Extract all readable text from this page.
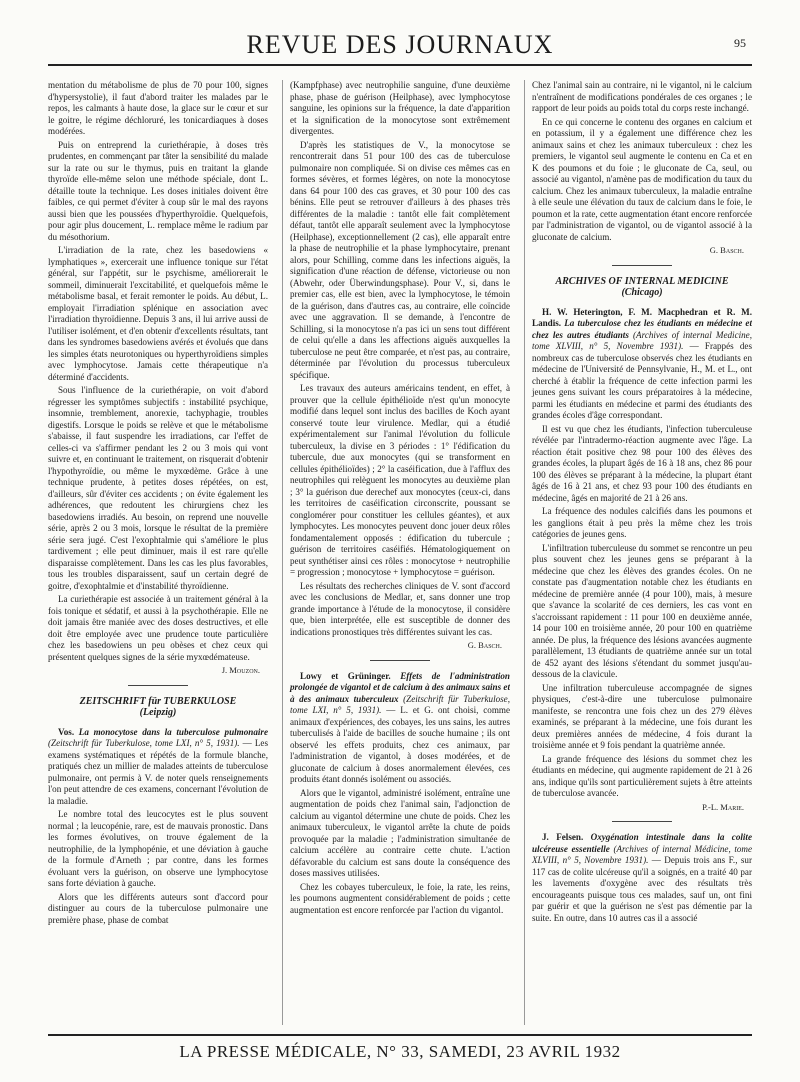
REVUE DES JOURNAUX	95

mentation du métabolisme de plus de 70 pour 100, signes d'hypersystolie), il faut d'abord traiter les malades par le repos, les calmants à haute dose, la glace sur le cœur et sur le goitre, le régime déchloruré, les tonicardiaques à doses modérées.

Puis on entreprend la curiethérapie, à doses très prudentes, en commençant par tâter la sensibilité du malade sur la rate ou sur le thymus, puis en traitant la glande thyroïde elle-même selon une méthode spéciale, dont L. détaille toute la technique. Les doses initiales doivent être faibles, ce qui permet d'éviter à coup sûr le mal des rayons aussi bien que les poussées d'hyperthyroïdie. Quelquefois, pour agir plus doucement, L. remplace même le radium par du mésothorium.

L'irradiation de la rate, chez les basedowiens « lymphatiques », exercerait une influence tonique sur l'état général, sur l'appétit, sur le psychisme, améliorerait le sommeil, diminuerait l'excitabilité, et quelquefois même le métabolisme basal, et ferait remonter le poids. Au début, L. employait l'irradiation splénique en association avec l'irradiation thyroïdienne. Depuis 3 ans, il lui arrive aussi de l'utiliser isolément, et d'en obtenir d'excellents résultats, tant dans les syndromes basedowiens avérés et évolués que dans les simples états neurotoniques ou hyperthyroïdiens simples avec lymphocytose. Jamais cette thérapeutique n'a déterminé d'accidents.

Sous l'influence de la curiethérapie, on voit d'abord régresser les symptômes subjectifs : instabilité psychique, insomnie, tremblement, anorexie, tachyphagie, troubles digestifs. Lorsque le poids se relève et que le métabolisme s'abaisse, il faut suspendre les irradiations, car l'effet de celles-ci va s'affirmer pendant les 2 ou 3 mois qui vont suivre et, en continuant le traitement, on risquerait d'obtenir l'hypothyroïdie, ou même le myxœdème. Grâce à une technique prudente, à petites doses répétées, on est, d'ailleurs, sûr d'éviter ces accidents ; on évite également les adhérences, que redoutent les chirurgiens chez les basedowiens irradiés. Au besoin, on reprend une nouvelle série, après 2 ou 3 mois, lorsque le résultat de la première série sera jugé. C'est l'exophtalmie qui s'améliore le plus tardivement ; elle peut diminuer, mais il est rare qu'elle disparaisse complètement. Dans les cas les plus favorables, tous les troubles disparaissent, sauf un certain degré de goitre, d'exophtalmie et d'instabilité thyroïdienne.

La curiethérapie est associée à un traitement général à la fois tonique et sédatif, et aussi à la psychothérapie. Elle ne doit jamais être maniée avec des doses destructives, et elle doit être employée avec une prudence toute particulière chez les basedowiens un peu obèses et chez ceux qui présentent quelques signes de la série myxœdémateuse.

J. Mouzon.
ZEITSCHRIFT für TUBERKULOSE
(Leipzig)

Vos. La monocytose dans la tuberculose pulmonaire (Zeitschrift für Tuberkulose, tome LXI, n° 5, 1931). — Les examens systématiques et répétés de la formule blanche, pratiqués chez un millier de malades atteints de tuberculose pulmonaire, ont permis à V. de noter quels renseignements l'on peut attendre de ces examens, concernant l'évolution de la maladie.

Le nombre total des leucocytes est le plus souvent normal ; la leucopénie, rare, est de mauvais pronostic. Dans les formes évolutives, on trouve également de la neutrophilie, de la lymphopénie, et une déviation à gauche de la formule d'Arneth ; par contre, dans les formes évoluant vers la guérison, on observe une lymphocytose sans forte déviation à gauche.

Alors que les différents auteurs sont d'accord pour distinguer au cours de la tuberculose pulmonaire une première phase, phase de combat

(Kampfphase) avec neutrophilie sanguine, d'une deuxième phase, phase de guérison (Heilphase), avec lymphocytose sanguine, les opinions sur la fréquence, la date d'apparition et la signification de la monocytose sont extrêmement divergentes.

D'après les statistiques de V., la monocytose se rencontrerait dans 51 pour 100 des cas de tuberculose pulmonaire non compliquée. Si on divise ces mêmes cas en formes sévères, et formes légères, on note la monocytose dans 64 pour 100 des cas graves, et 30 pour 100 des cas bénins. Elle peut se retrouver d'ailleurs à des phases très différentes de la maladie : tantôt elle fait complètement défaut, tantôt elle apparaît seulement avec la lymphocytose (Heilphase), exceptionnellement (2 cas), elle apparaît entre la phase de neutrophilie et la phase lymphocytaire, prenant alors, pour Schilling, comme dans les infections aiguës, la signification d'une réaction de défense, victorieuse ou non (Abwehr, oder Überwindungsphase). Pour V., si, dans le premier cas, elle est bien, avec la lymphocytose, le témoin de la guérison, dans d'autres cas, au contraire, elle coïncide avec une aggravation. Il se demande, à l'encontre de Schilling, si la monocytose n'a pas ici un sens tout différent de celui qu'elle a dans les affections aiguës auxquelles la tuberculose ne peut être comparée, et n'est pas, au contraire, déterminée par l'évolution du processus tuberculeux spécifique.

Les travaux des auteurs américains tendent, en effet, à prouver que la cellule épithélioïde n'est qu'un monocyte modifié dans lequel sont inclus des bacilles de Koch ayant conservé toute leur virulence. Medlar, qui a étudié expérimentalement sur l'animal l'évolution du follicule tuberculeux, la divise en 3 périodes : 1° l'édification du tubercule, due aux monocytes (qui se transforment en cellules épithélioïdes) ; 2° la caséification, due à l'afflux des neutrophiles qui relèguent les monocytes au deuxième plan ; 3° la guérison due derechef aux monocytes (ceux-ci, dans les territoires de caséification circonscrite, poussant se conglomérer pour constituer les cellules géantes), et aux lymphocytes. Les monocytes peuvent donc jouer deux rôles fondamentalement opposés : édification du tubercule ; guérison de territoires caséifiés. Hématologiquement on peut synthétiser ainsi ces rôles : monocytose + neutrophilie = progression ; monocytose + lymphocytose = guérison.

Les résultats des recherches cliniques de V. sont d'accord avec les conclusions de Medlar, et, sans donner une trop grande importance à l'étude de la monocytose, il considère que, bien interprétée, elle est susceptible de donner des indications pronostiques très différentes suivant les cas.

G. Basch.

Lowy et Grüninger. Effets de l'administration prolongée de vigantol et de calcium à des animaux sains et à des animaux tuberculeux (Zeitschrift für Tuberkulose, tome LXI, n° 5, 1931). — L. et G. ont choisi, comme animaux d'expériences, des cobayes, les uns sains, les autres tuberculisés à l'aide de bacilles de souche humaine ; ils ont observé les effets produits, chez ces animaux, par l'administration de vigantol, à doses modérées, et de gluconate de calcium à doses anormalement élevées, ces produits étant donnés isolément ou associés.

Alors que le vigantol, administré isolément, entraîne une augmentation de poids chez l'animal sain, l'adjonction de calcium au vigantol détermine une chute de poids. Chez les animaux tuberculeux, le vigantol arrête la chute de poids provoquée par la maladie ; l'administration simultanée de calcium accélère au contraire cette chute. L'action défavorable du calcium est sans doute la conséquence des doses massives utilisées.

Chez les cobayes tuberculeux, le foie, la rate, les reins, les poumons augmentent considérablement de poids ; cette augmentation est encore renforcée par l'action du vigantol.

Chez l'animal sain au contraire, ni le vigantol, ni le calcium n'entraînent de modifications pondérales de ces organes ; le rapport de leur poids au poids total du corps reste inchangé.

En ce qui concerne le contenu des organes en calcium et en potassium, il y a également une différence chez les animaux sains et chez les animaux tuberculeux : chez les premiers, le vigantol seul augmente le contenu en Ca et en K des poumons et du foie ; le gluconate de Ca, seul, ou associé au vigantol, n'amène pas de modification du taux du calcium. Chez les animaux tuberculeux, la maladie entraîne à elle seule une élévation du taux de calcium dans le foie, le poumon et la rate, cette augmentation étant encore renforcée par l'administration de vigantol, ou de vigantol associé à la gluconate de calcium.

G. Basch.
ARCHIVES OF INTERNAL MEDICINE
(Chicago)

H. W. Heterington, F. M. Macphedran et R. M. Landis. La tuberculose chez les étudiants en médecine et chez les autres étudiants (Archives of internal Medicine, tome XLVIII, n° 5, Novembre 1931). — Frappés des nombreux cas de tuberculose observés chez les étudiants en médecine de l'Université de Pennsylvanie, H., M. et L., ont cherché à établir la fréquence de cette infection parmi les jeunes gens suivant les cours préparatoires à la médecine, parmi les étudiants en médecine et parmi des étudiants des grandes écoles d'âge correspondant.

Il est vu que chez les étudiants, l'infection tuberculeuse révélée par l'intradermo-réaction augmente avec l'âge. La réaction était positive chez 98 pour 100 des élèves des grandes écoles, la plupart âgés de 16 à 18 ans, chez 86 pour 100 des élèves se préparant à la médecine, la plupart étant âgés de 16 à 21 ans, et chez 93 pour 100 des étudiants en médecine, âgés en majorité de 21 à 26 ans.

La fréquence des nodules calcifiés dans les poumons et les ganglions était à peu près la même chez les trois catégories de jeunes gens.

L'infiltration tuberculeuse du sommet se rencontre un peu plus souvent chez les jeunes gens se préparant à la médecine que chez les élèves des grandes écoles. On ne constate pas d'augmentation notable chez les étudiants en médecine de première année (4 pour 100), mais, à mesure que s'avance la scolarité de ces derniers, les cas vont en s'accroissant rapidement : 11 pour 100 en deuxième année, 14 pour 100 en troisième année, 20 pour 100 en quatrième année. De plus, la fréquence des lésions avancées augmente parallèlement, 13 étudiants de quatrième année sur un total de 452 ayant des lésions s'étendant du sommet jusqu'au-dessous de la clavicule.

Une infiltration tuberculeuse accompagnée de signes physiques, c'est-à-dire une tuberculose pulmonaire manifeste, se rencontra une fois chez un des 279 élèves examinés, se préparant à la médecine, une fois durant les deux premières années de médecine, 4 fois durant la troisième année et 9 fois pendant la quatrième année.

La grande fréquence des lésions du sommet chez les étudiants en médecine, qui augmente rapidement de 21 à 26 ans, indique qu'ils sont particulièrement sujets à être atteints de tuberculose avancée.

P.-L. Marie.

J. Felsen. Oxygénation intestinale dans la colite ulcéreuse essentielle (Archives of internal Médicine, tome XLVIII, n° 5, Novembre 1931). — Depuis trois ans F., sur 117 cas de colite ulcéreuse qu'il a soignés, en a traité 40 par les lavements d'oxygène avec des résultats très encourageants puisque tous ces malades, sauf un, ont fini par guérir et que la guérison ne s'est pas démentie par la suite. En outre, dans 10 autres cas il a associé

LA PRESSE MÉDICALE, N° 33, SAMEDI, 23 AVRIL 1932
